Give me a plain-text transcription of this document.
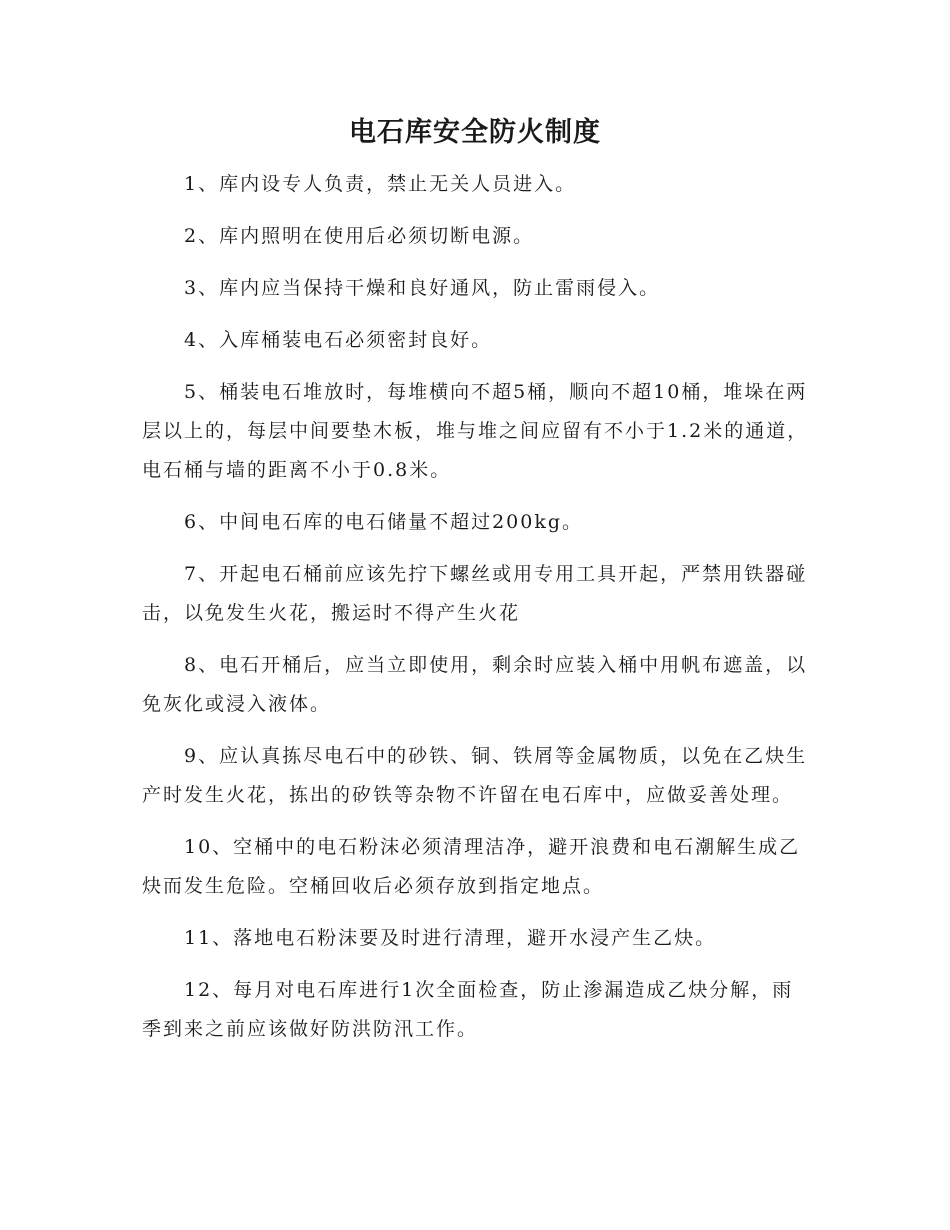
电石库安全防火制度
1、库内设专人负责，禁止无关人员进入。
2、库内照明在使用后必须切断电源。
3、库内应当保持干燥和良好通风，防止雷雨侵入。
4、入库桶装电石必须密封良好。
5、桶装电石堆放时，每堆横向不超5桶，顺向不超10桶，堆垛在两层以上的，每层中间要垫木板，堆与堆之间应留有不小于1.2米的通道，电石桶与墙的距离不小于0.8米。
6、中间电石库的电石储量不超过200kg。
7、开起电石桶前应该先拧下螺丝或用专用工具开起，严禁用铁器碰击，以免发生火花，搬运时不得产生火花
8、电石开桶后，应当立即使用，剩余时应装入桶中用帆布遮盖，以免灰化或浸入液体。
9、应认真拣尽电石中的砂铁、铜、铁屑等金属物质，以免在乙炔生产时发生火花，拣出的矽铁等杂物不许留在电石库中，应做妥善处理。
10、空桶中的电石粉沫必须清理洁净，避开浪费和电石潮解生成乙炔而发生危险。空桶回收后必须存放到指定地点。
11、落地电石粉沫要及时进行清理，避开水浸产生乙炔。
12、每月对电石库进行1次全面检查，防止渗漏造成乙炔分解，雨季到来之前应该做好防洪防汛工作。
